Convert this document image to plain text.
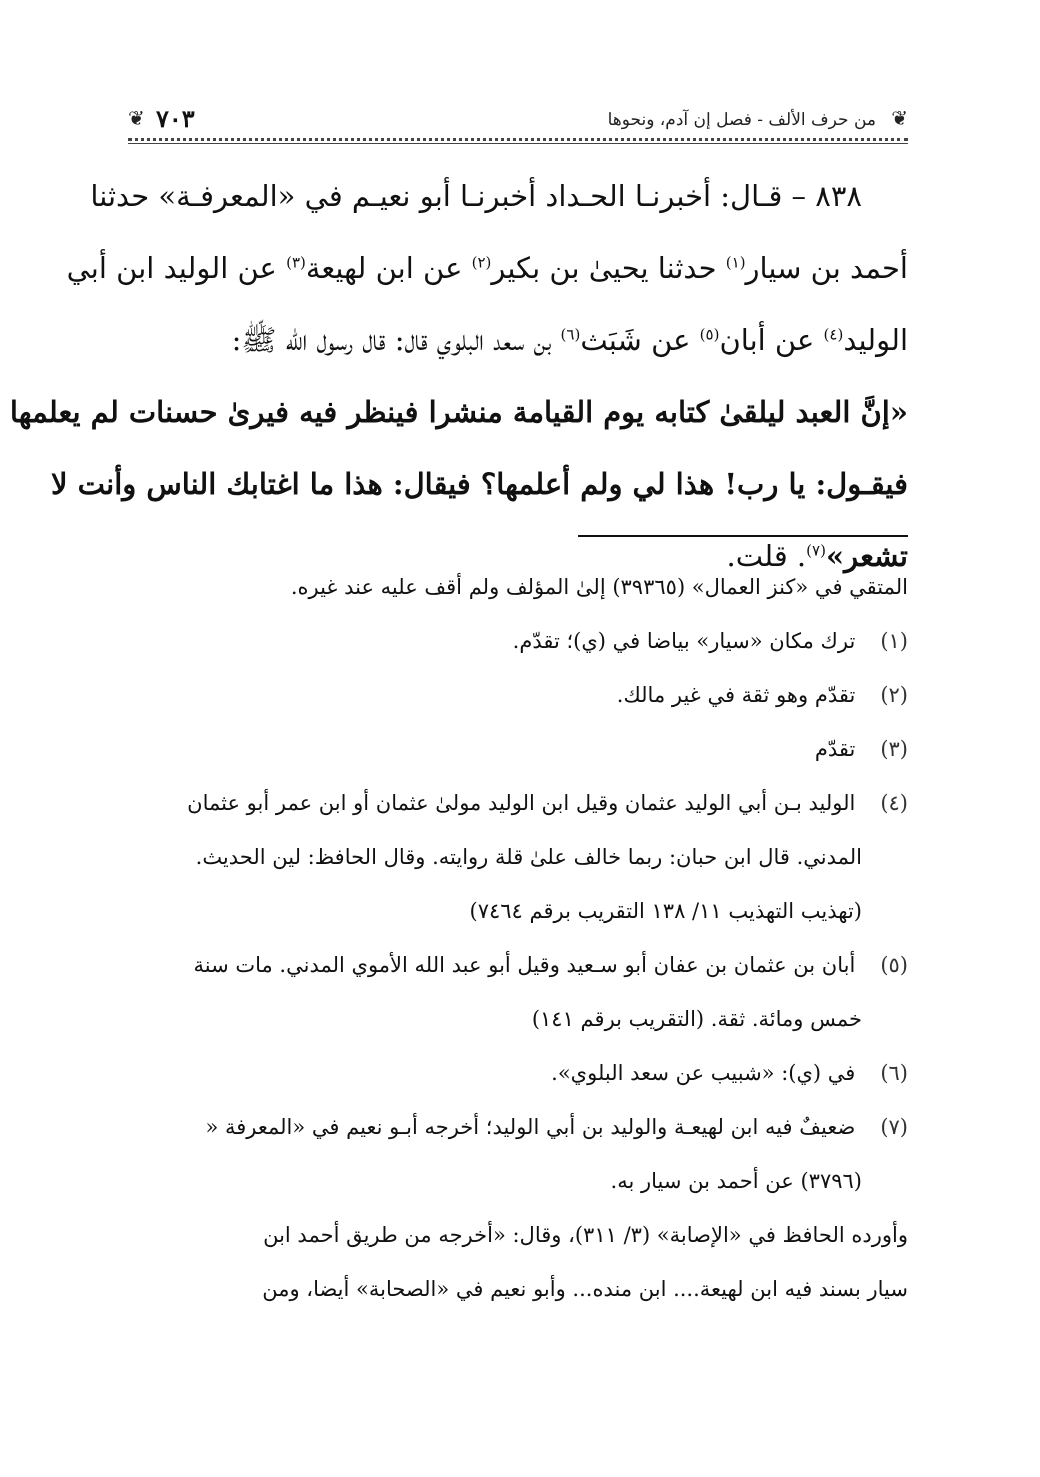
❦
من حرف الألف - فصل إن آدم، ونحوها
٧٠٣
❦
٨٣٨ – قـال: أخبرنـا الحـداد أخبرنـا أبو نعيـم في «المعرفـة» حدثنا
أحمد بن سيار$^{(١)}$ حدثنا يحيىٰ بن بكير$^{(٢)}$ عن ابن لهيعة$^{(٣)}$ عن الوليد ابن أبي
الوليد$^{(٤)}$ عن أبان$^{(٥)}$ عن شَبَث$^{(٦)}$ بن سعد البلوي قال: قال رسول الله ﷺ:
«إنَّ العبد ليلقىٰ كتابه يوم القيامة منشرا فينظر فيه فيرىٰ حسنات لم يعلمها
فيقـول: يا رب! هذا لي ولم أعلمها؟ فيقال: هذا ما اغتابك الناس وأنت لا
تشعر»$^{(٧)}$. قلت.
المتقي في «كنز العمال» (٣٩٣٦٥) إلىٰ المؤلف ولم أقف عليه عند غيره.
(١) ترك مكان «سيار» بياضا في (ي)؛ تقدّم.
(٢) تقدّم وهو ثقة في غير مالك.
(٣) تقدّم
(٤) الوليد بـن أبي الوليد عثمان وقيل ابن الوليد مولىٰ عثمان أو ابن عمر أبو عثمان
المدني. قال ابن حبان: ربما خالف علىٰ قلة روايته. وقال الحافظ: لين الحديث.
(تهذيب التهذيب ١١/ ١٣٨ التقريب برقم ٧٤٦٤)
(٥) أبان بن عثمان بن عفان أبو سـعيد وقيل أبو عبد الله الأموي المدني. مات سنة
خمس ومائة. ثقة. (التقريب برقم ١٤١)
(٦) في (ي): «شبيب عن سعد البلوي».
(٧) ضعيفٌ فيه ابن لهيعـة والوليد بن أبي الوليد؛ أخرجه أبـو نعيم في «المعرفة «
(٣٧٩٦) عن أحمد بن سيار به.
وأورده الحافظ في «الإصابة» (٣/ ٣١١)، وقال: «أخرجه من طريق أحمد ابن
سيار بسند فيه ابن لهيعة.... ابن منده... وأبو نعيم في «الصحابة» أيضا، ومن
